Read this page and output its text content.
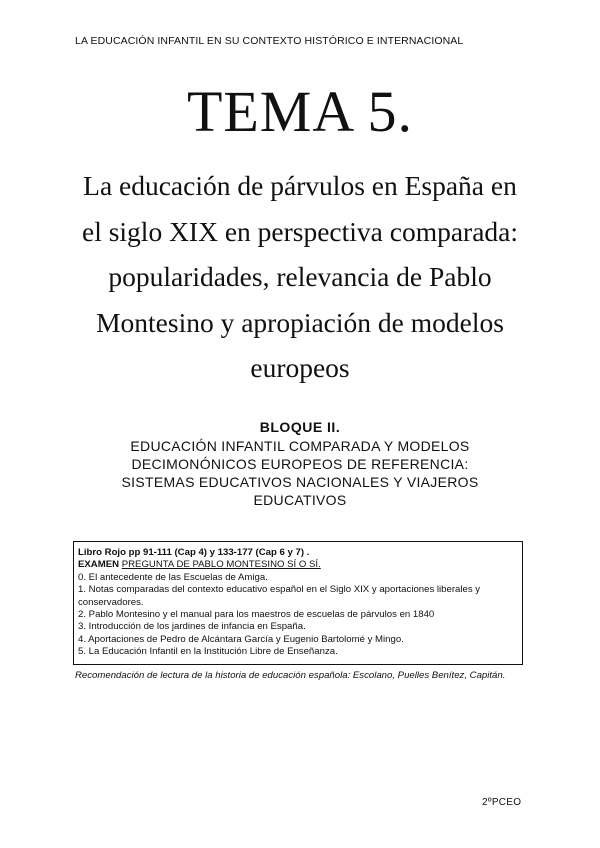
LA EDUCACIÓN INFANTIL EN SU CONTEXTO HISTÓRICO E INTERNACIONAL
TEMA 5.
La educación de párvulos en España en
el siglo XIX en perspectiva comparada:
popularidades, relevancia de Pablo
Montesino y apropiación de modelos
europeos
BLOQUE II.
EDUCACIÓN INFANTIL COMPARADA Y MODELOS
DECIMONÓNICOS EUROPEOS DE REFERENCIA:
SISTEMAS EDUCATIVOS NACIONALES Y VIAJEROS
EDUCATIVOS
Libro Rojo pp 91-111 (Cap 4) y 133-177 (Cap 6 y 7) .
EXAMEN PREGUNTA DE PABLO MONTESINO SÍ O SÍ.
0. El antecedente de las Escuelas de Amiga.
1. Notas comparadas del contexto educativo español en el Siglo XIX y aportaciones liberales y conservadores.
2. Pablo Montesino y el manual para los maestros de escuelas de párvulos en 1840
3. Introducción de los jardines de infancia en España.
4. Aportaciones de Pedro de Alcántara García y Eugenio Bartolomé y Mingo.
5. La Educación Infantil en la Institución Libre de Enseñanza.
Recomendación de lectura de la historia de educación española: Escolano, Puelles Benítez, Capitán.
2ºPCEO
